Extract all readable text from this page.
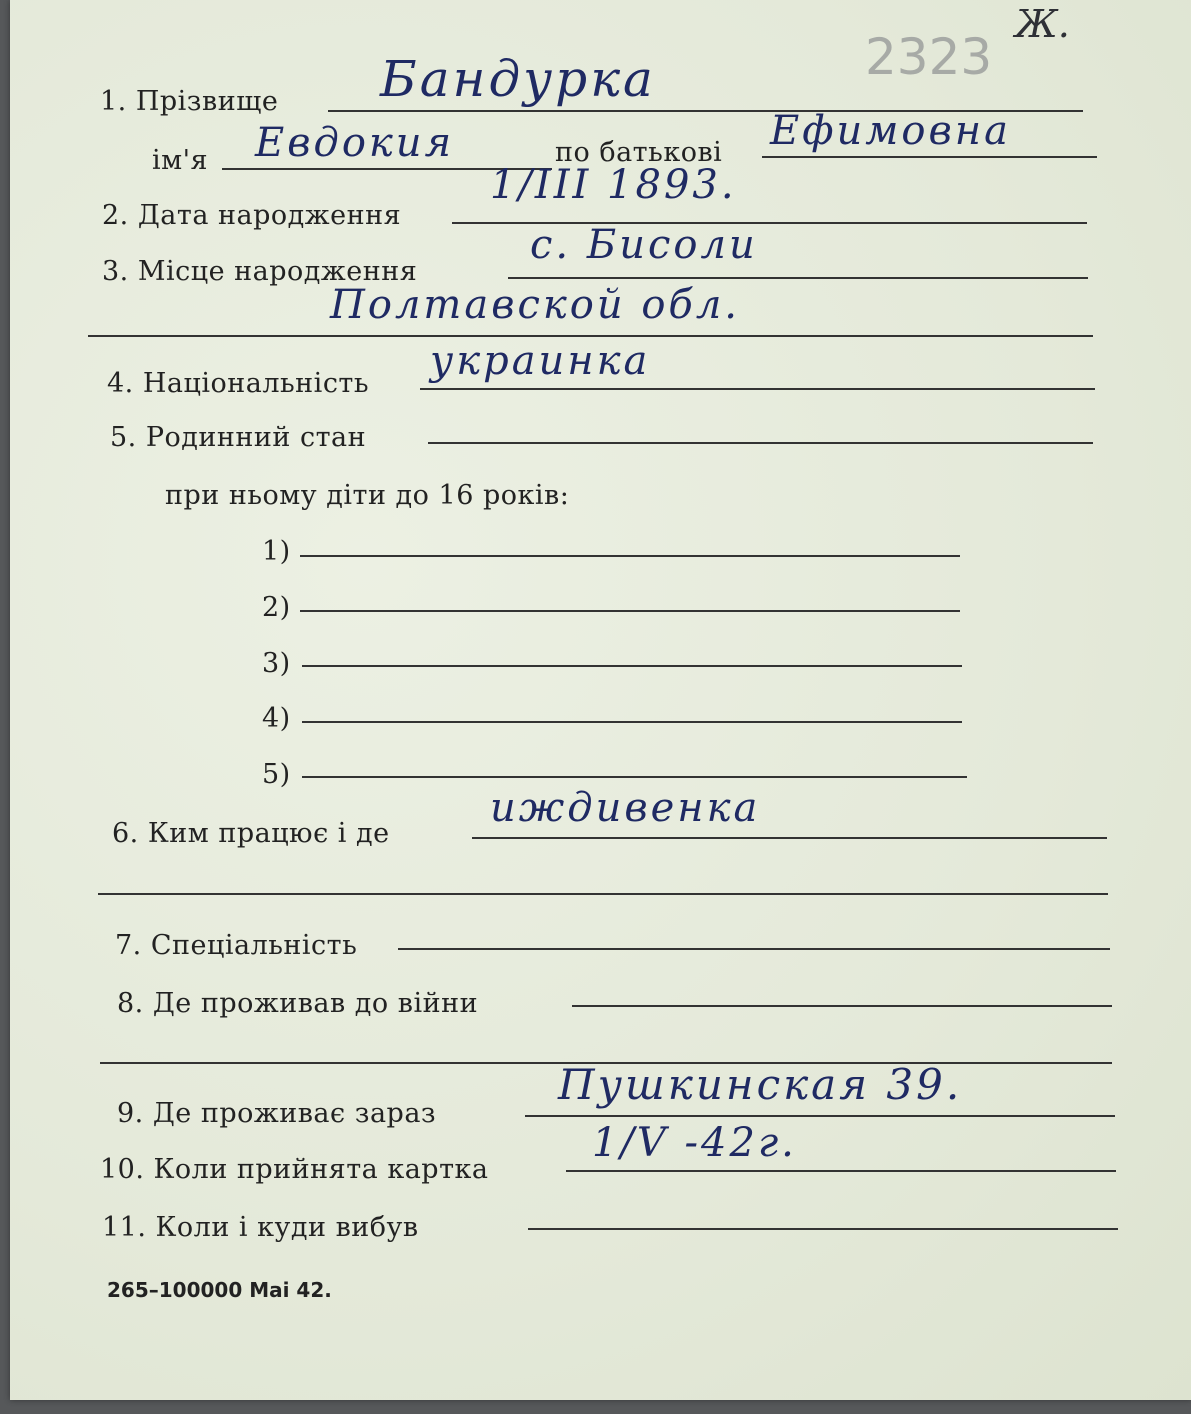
Ж.
2323
1. Прізвище Бандурка
ім'я Евдокия	по батькові Ефимовна
2. Дата народження
1/III 1893.
3. Місце народження
с. Бисоли
Полтавской обл.
4. Національність украинка
5. Родинний стан
при ньому діти до 16 років:
1)
2)
3)
4)
5)
6. Ким працює і де
иждивенка
7. Спеціальність
8. Де проживав до війни
9. Де проживає зараз
Пушкинская 39.
10. Коли прийнята картка
1/V -42г.
11. Коли і куди вибув
265–100000 Mai 42.
